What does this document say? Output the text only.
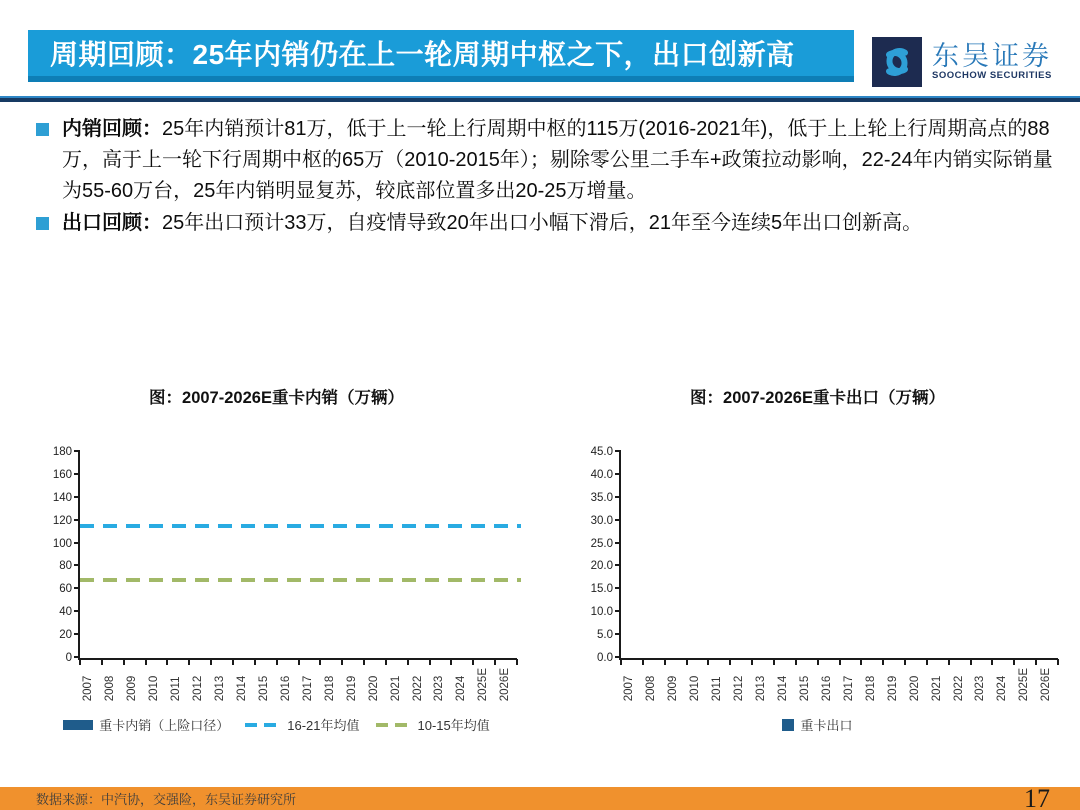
周期回顾：25年内销仍在上一轮周期中枢之下，出口创新高	东吴证券
SOOCHOW SECURITIES
内销回顾：25年内销预计81万，低于上一轮上行周期中枢的115万(2016-2021年)，低于上上轮上行周期高点的88万，高于上一轮下行周期中枢的65万（2010-2015年）；剔除零公里二手车+政策拉动影响，22-24年内销实际销量为55-60万台，25年内销明显复苏，较底部位置多出20-25万增量。
出口回顾：25年出口预计33万，自疫情导致20年出口小幅下滑后，21年至今连续5年出口创新高。
图：2007-2026E重卡内销（万辆）
0
20
40
60
80
100
120
140
160
180
2007 2008 2009 2010 2011 2012 2013 2014 2015 2016 2017 2018 2019 2020 2021 2022 2023 2024 2025E 2026E
重卡内销（上险口径）	16-21年均值	10-15年均值
图：2007-2026E重卡出口（万辆）
0.0
5.0
10.0
15.0
20.0
25.0
30.0
35.0
40.0
45.0
2007 2008 2009 2010 2011 2012 2013 2014 2015 2016 2017 2018 2019 2020 2021 2022 2023 2024 2025E 2026E
重卡出口
数据来源：中汽协，交强险，东吴证券研究所	17
